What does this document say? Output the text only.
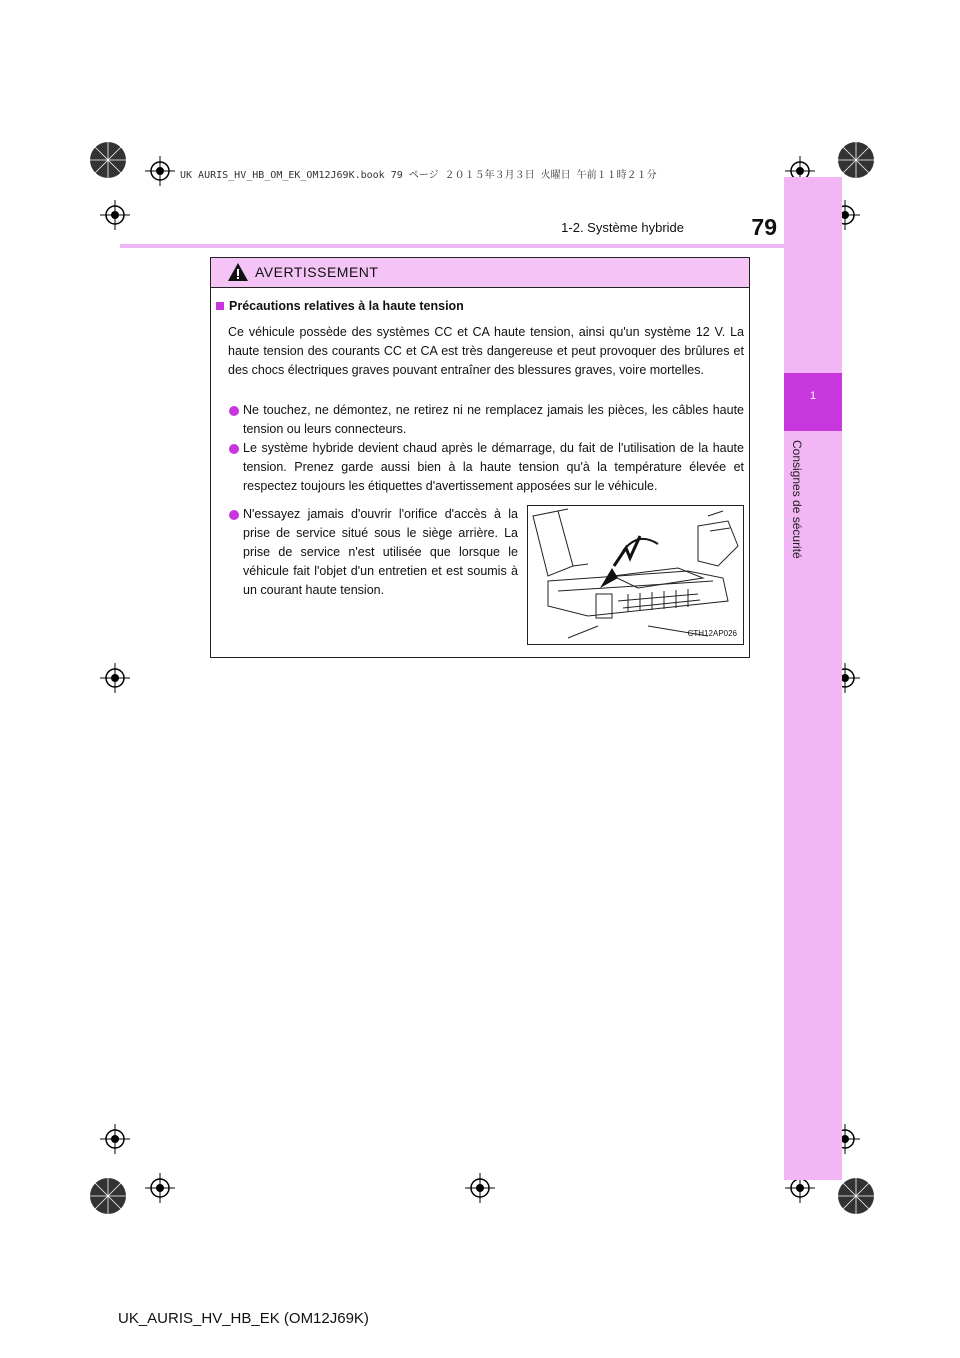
UK AURIS_HV_HB_OM_EK_OM12J69K.book 79 ページ ２０１５年３月３日 火曜日 午前１１時２１分
79
1-2. Système hybride
1
Consignes de sécurité
AVERTISSEMENT
Précautions relatives à la haute tension
Ce véhicule possède des systèmes CC et CA haute tension, ainsi qu'un système 12 V. La haute tension des courants CC et CA est très dangereuse et peut provoquer des brûlures et des chocs électriques graves pouvant entraîner des blessures graves, voire mortelles.
Ne touchez, ne démontez, ne retirez ni ne remplacez jamais les pièces, les câbles haute tension ou leurs connecteurs.
Le système hybride devient chaud après le démarrage, du fait de l'utilisation de la haute tension. Prenez garde aussi bien à la haute tension qu'à la température élevée et respectez toujours les étiquettes d'avertissement apposées sur le véhicule.
N'essayez jamais d'ouvrir l'orifice d'accès à la prise de service situé sous le siège arrière. La prise de service n'est utilisée que lorsque le véhicule fait l'objet d'un entretien et est soumis à un courant haute tension.
CTH12AP026
UK_AURIS_HV_HB_EK (OM12J69K)
